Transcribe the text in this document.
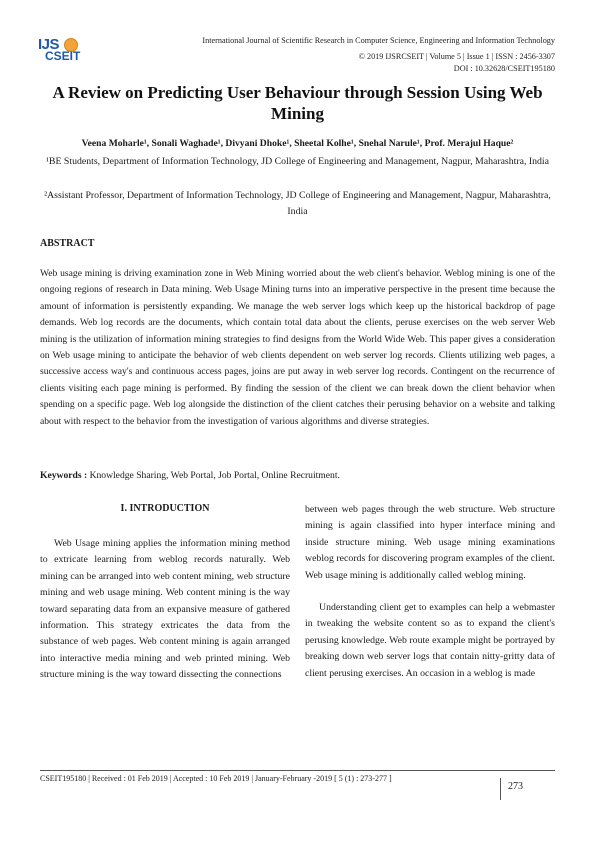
IJS
CSEIT
International Journal of Scientific Research in Computer Science, Engineering and Information Technology
© 2019 IJSRCSEIT | Volume 5 | Issue 1 | ISSN : 2456-3307
DOI : 10.32628/CSEIT195180
A Review on Predicting User Behaviour through Session Using Web Mining
Veena Moharle¹, Sonali Waghade¹, Divyani Dhoke¹, Sheetal Kolhe¹, Snehal Narule¹, Prof. Merajul Haque²
¹BE Students, Department of Information Technology, JD College of Engineering and Management, Nagpur, Maharashtra, India
²Assistant Professor, Department of Information Technology, JD College of Engineering and Management, Nagpur, Maharashtra, India
ABSTRACT
Web usage mining is driving examination zone in Web Mining worried about the web client's behavior. Weblog mining is one of the ongoing regions of research in Data mining. Web Usage Mining turns into an imperative perspective in the present time because the amount of information is persistently expanding. We manage the web server logs which keep up the historical backdrop of page demands. Web log records are the documents, which contain total data about the clients, peruse exercises on the web server Web mining is the utilization of information mining strategies to find designs from the World Wide Web. This paper gives a consideration on Web usage mining to anticipate the behavior of web clients dependent on web server log records. Clients utilizing web pages, a successive access way's and continuous access pages, joins are put away in web server log records. Contingent on the recurrence of clients visiting each page mining is performed. By finding the session of the client we can break down the client behavior when spending on a specific page. Web log alongside the distinction of the client catches their perusing behavior on a website and talking about with respect to the behavior from the investigation of various algorithms and diverse strategies.
Keywords : Knowledge Sharing, Web Portal, Job Portal, Online Recruitment.
I. INTRODUCTION

Web Usage mining applies the information mining method to extricate learning from weblog records naturally. Web mining can be arranged into web content mining, web structure mining and web usage mining. Web content mining is the way toward separating data from an expansive measure of gathered information. This strategy extricates the data from the substance of web pages. Web content mining is again arranged into interactive media mining and web printed mining. Web structure mining is the way toward dissecting the connections

between web pages through the web structure. Web structure mining is again classified into hyper interface mining and inside structure mining. Web usage mining examinations weblog records for discovering program examples of the client. Web usage mining is additionally called weblog mining.

Understanding client get to examples can help a webmaster in tweaking the website content so as to expand the client's perusing knowledge. Web route example might be portrayed by breaking down web server logs that contain nitty-gritty data of client perusing exercises. An occasion in a weblog is made

CSEIT195180 | Received : 01 Feb 2019 | Accepted : 10 Feb 2019 | January-February -2019 [ 5 (1) : 273-277 ]
273
